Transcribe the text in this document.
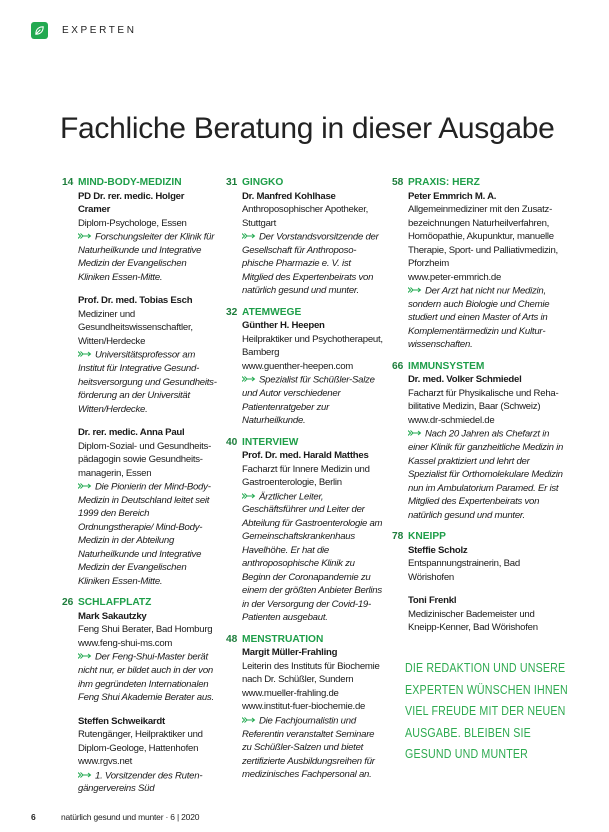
EXPERTEN
Fachliche Beratung in dieser Ausgabe
14 MIND-BODY-MEDIZIN
PD Dr. rer. medic. Holger Cramer
Diplom-Psychologe, Essen
Forschungsleiter der Klinik für Naturheilkunde und Integrative Medizin der Evangelischen Kliniken Essen-Mitte.
Prof. Dr. med. Tobias Esch
Mediziner und Gesundheitswissenschaftler, Witten/Herdecke
Universitätsprofessor am Institut für Integrative Gesundheitsversorgung und Gesundheitsförderung an der Universität Witten/Herdecke.
Dr. rer. medic. Anna Paul
Diplom-Sozial- und Gesundheitspädagogin sowie Gesundheitsmanagerin, Essen
Die Pionierin der Mind-Body-Medizin in Deutschland leitet seit 1999 den Bereich Ordnungstherapie/ Mind-Body-Medizin in der Abteilung Naturheilkunde und Integrative Medizin der Evangelischen Kliniken Essen-Mitte.
26 SCHLAFPLATZ
Mark Sakautzky
Feng Shui Berater, Bad Homburg
www.feng-shui-ms.com
Der Feng-Shui-Master berät nicht nur, er bildet auch in der von ihm gegründeten Internationalen Feng Shui Akademie Berater aus.
Steffen Schweikardt
Rutengänger, Heilpraktiker und Diplom-Geologe, Hattenhofen
www.rgvs.net
1. Vorsitzender des Rutengängervereins Süd
31 GINGKO
Dr. Manfred Kohlhase
Anthroposophischer Apotheker, Stuttgart
Der Vorstandsvorsitzende der Gesellschaft für Anthroposophische Pharmazie e. V. ist Mitglied des Expertenbeirats von natürlich gesund und munter.
32 ATEMWEGE
Günther H. Heepen
Heilpraktiker und Psychotherapeut, Bamberg
www.guenther-heepen.com
Spezialist für Schüßler-Salze und Autor verschiedener Patientenratgeber zur Naturheilkunde.
40 INTERVIEW
Prof. Dr. med. Harald Matthes
Facharzt für Innere Medizin und Gastroenterologie, Berlin
Ärztlicher Leiter, Geschäftsführer und Leiter der Abteilung für Gastroenterologie am Gemeinschaftskrankenhaus Havelhöhe. Er hat die anthroposophische Klinik zu Beginn der Coronapandemie zu einem der größten Anbieter Berlins in der Versorgung der Covid-19-Patienten ausgebaut.
48 MENSTRUATION
Margit Müller-Frahling
Leiterin des Instituts für Biochemie nach Dr. Schüßler, Sundern
www.mueller-frahling.de
www.institut-fuer-biochemie.de
Die Fachjournalistin und Referentin veranstaltet Seminare zu Schüßler-Salzen und bietet zertifizierte Ausbildungsreihen für medizinisches Fachpersonal an.
58 PRAXIS: HERZ
Peter Emmrich M. A.
Allgemeinmediziner mit den Zusatzbezeichnungen Naturheilverfahren, Homöopathie, Akupunktur, manuelle Therapie, Sport- und Palliativmedizin, Pforzheim
www.peter-emmrich.de
Der Arzt hat nicht nur Medizin, sondern auch Biologie und Chemie studiert und einen Master of Arts in Komplementärmedizin und Kulturwissenschaften.
66 IMMUNSYSTEM
Dr. med. Volker Schmiedel
Facharzt für Physikalische und Rehabilitative Medizin, Baar (Schweiz)
www.dr-schmiedel.de
Nach 20 Jahren als Chefarzt in einer Klinik für ganzheitliche Medizin in Kassel praktiziert und lehrt der Spezialist für Orthomolekulare Medizin nun im Ambulatorium Paramed. Er ist Mitglied des Expertenbeirats von natürlich gesund und munter.
78 KNEIPP
Steffie Scholz
Entspannungstrainerin, Bad Wörishofen
Toni Frenkl
Medizinischer Bademeister und Kneipp-Kenner, Bad Wörishofen
DIE REDAKTION UND UNSERE EXPERTEN WÜNSCHEN IHNEN VIEL FREUDE MIT DER NEUEN AUSGABE. BLEIBEN SIE GESUND UND MUNTER
6	natürlich gesund und munter · 6 | 2020
